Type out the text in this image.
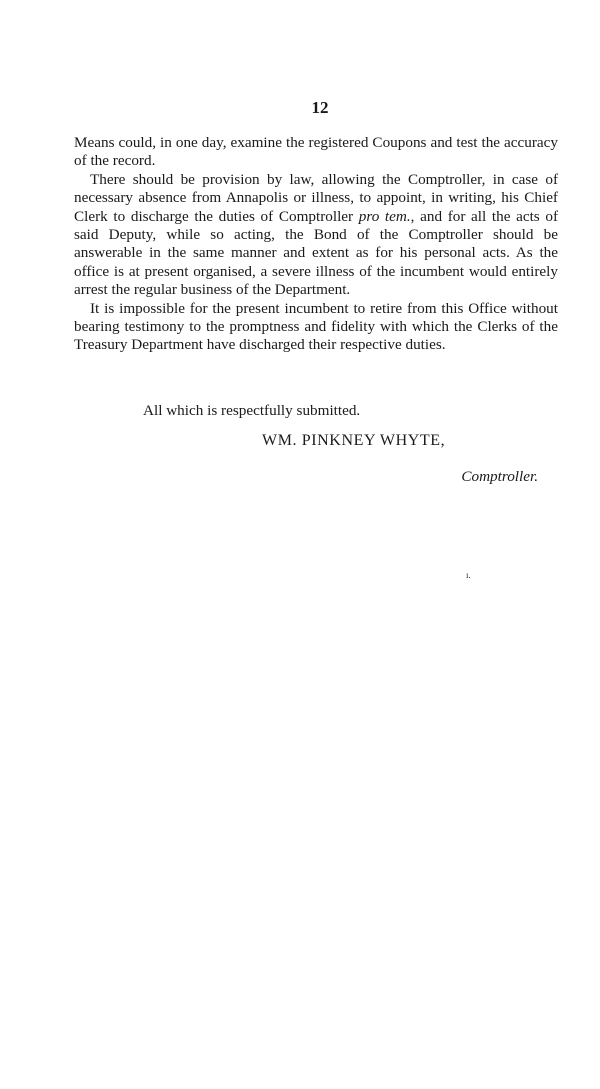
12

Means could, in one day, examine the registered Coupons and test the accuracy of the record.

There should be provision by law, allowing the Comptroller, in case of necessary absence from Annapolis or illness, to appoint, in writing, his Chief Clerk to discharge the duties of Comptroller pro tem., and for all the acts of said Deputy, while so acting, the Bond of the Comptroller should be answerable in the same manner and extent as for his personal acts. As the office is at present organised, a severe illness of the incumbent would entirely arrest the regular business of the Department.

It is impossible for the present incumbent to retire from this Office without bearing testimony to the promptness and fidelity with which the Clerks of the Treasury Department have discharged their respective duties.

All which is respectfully submitted.
WM. PINKNEY WHYTE,
Comptroller.
ı.
